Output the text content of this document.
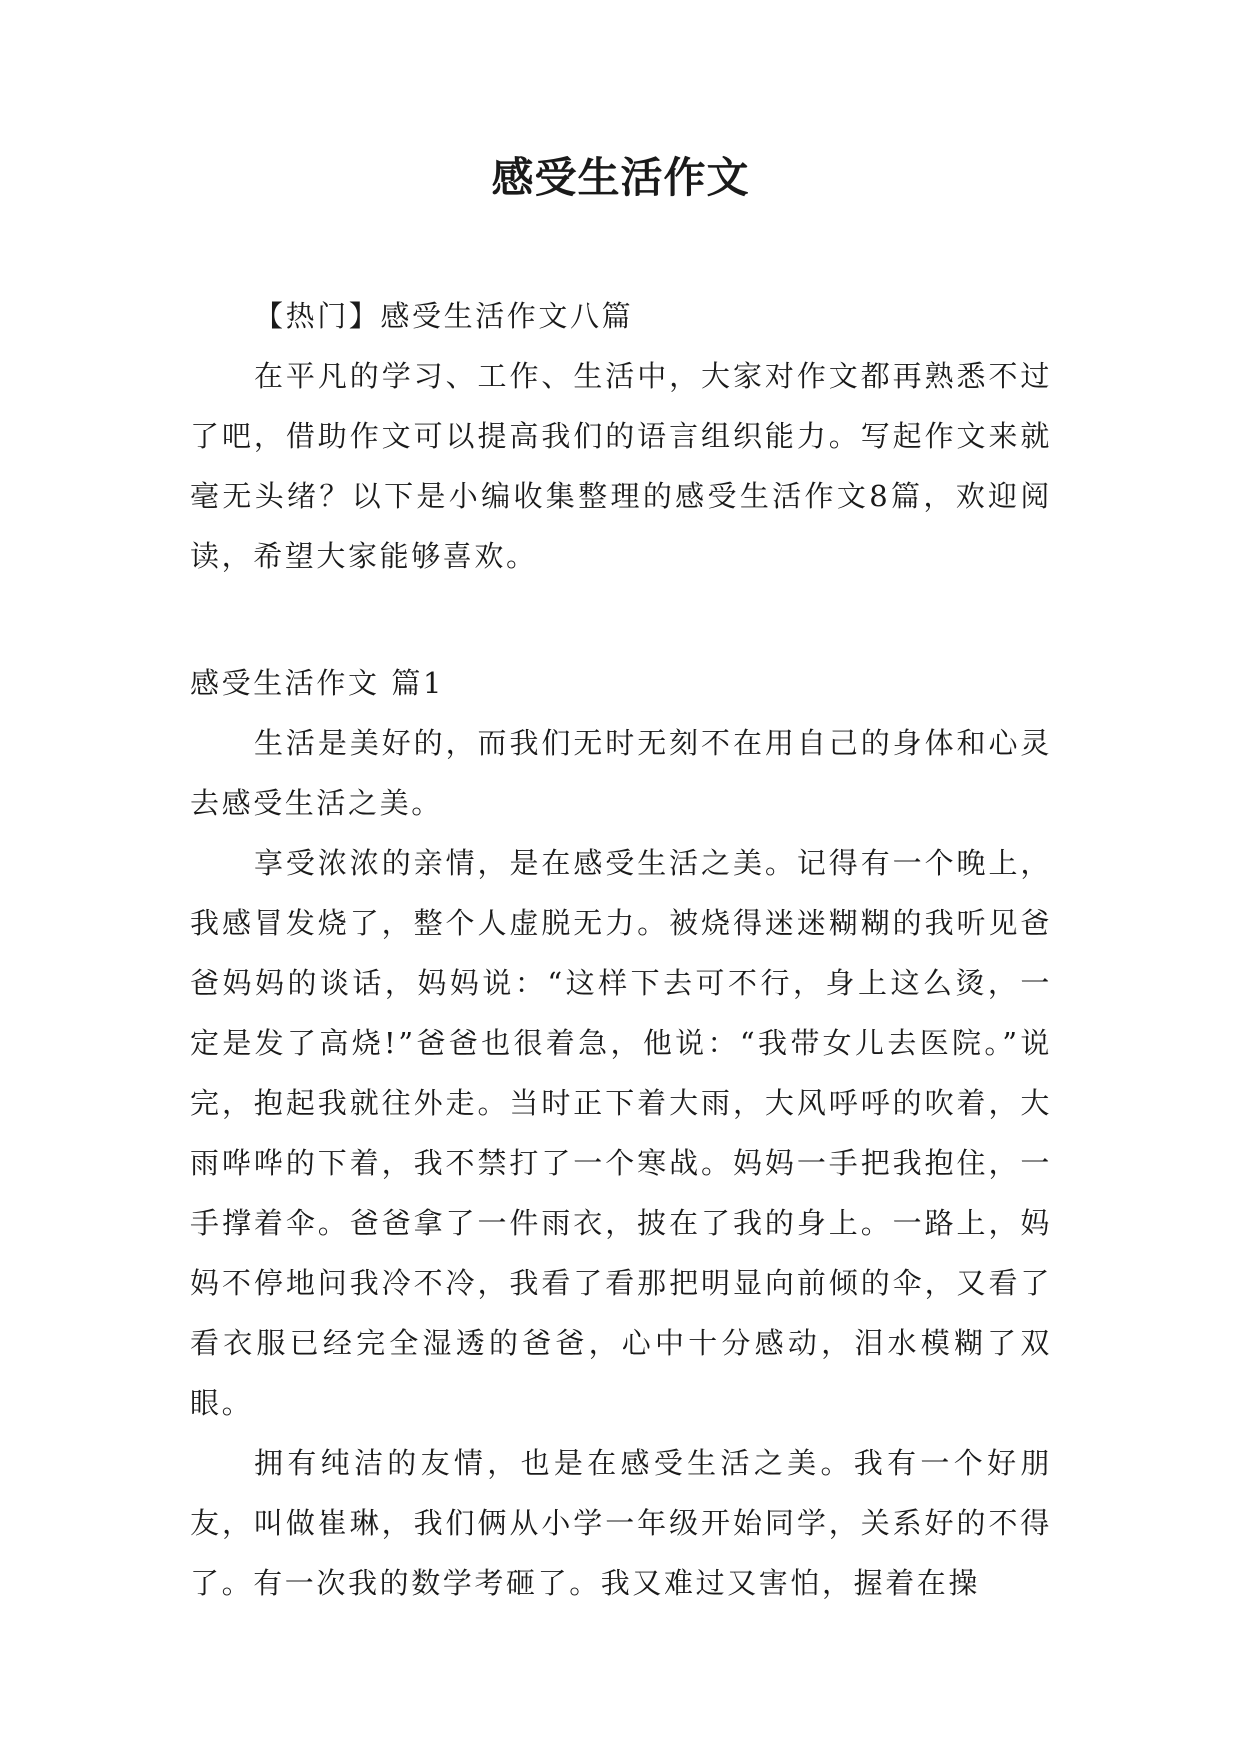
感受生活作文

【热门】感受生活作文八篇

在平凡的学习、工作、生活中，大家对作文都再熟悉不过了吧，借助作文可以提高我们的语言组织能力。写起作文来就毫无头绪？以下是小编收集整理的感受生活作文8篇，欢迎阅读，希望大家能够喜欢。

感受生活作文 篇1

生活是美好的，而我们无时无刻不在用自己的身体和心灵去感受生活之美。

享受浓浓的亲情，是在感受生活之美。记得有一个晚上，我感冒发烧了，整个人虚脱无力。被烧得迷迷糊糊的我听见爸爸妈妈的谈话，妈妈说：“这样下去可不行，身上这么烫，一定是发了高烧!”爸爸也很着急，他说：“我带女儿去医院。”说完，抱起我就往外走。当时正下着大雨，大风呼呼的吹着，大雨哗哗的下着，我不禁打了一个寒战。妈妈一手把我抱住，一手撑着伞。爸爸拿了一件雨衣，披在了我的身上。一路上，妈妈不停地问我冷不冷，我看了看那把明显向前倾的伞，又看了看衣服已经完全湿透的爸爸，心中十分感动，泪水模糊了双眼。

拥有纯洁的友情，也是在感受生活之美。我有一个好朋友，叫做崔琳，我们俩从小学一年级开始同学，关系好的不得了。有一次我的数学考砸了。我又难过又害怕，握着在操
